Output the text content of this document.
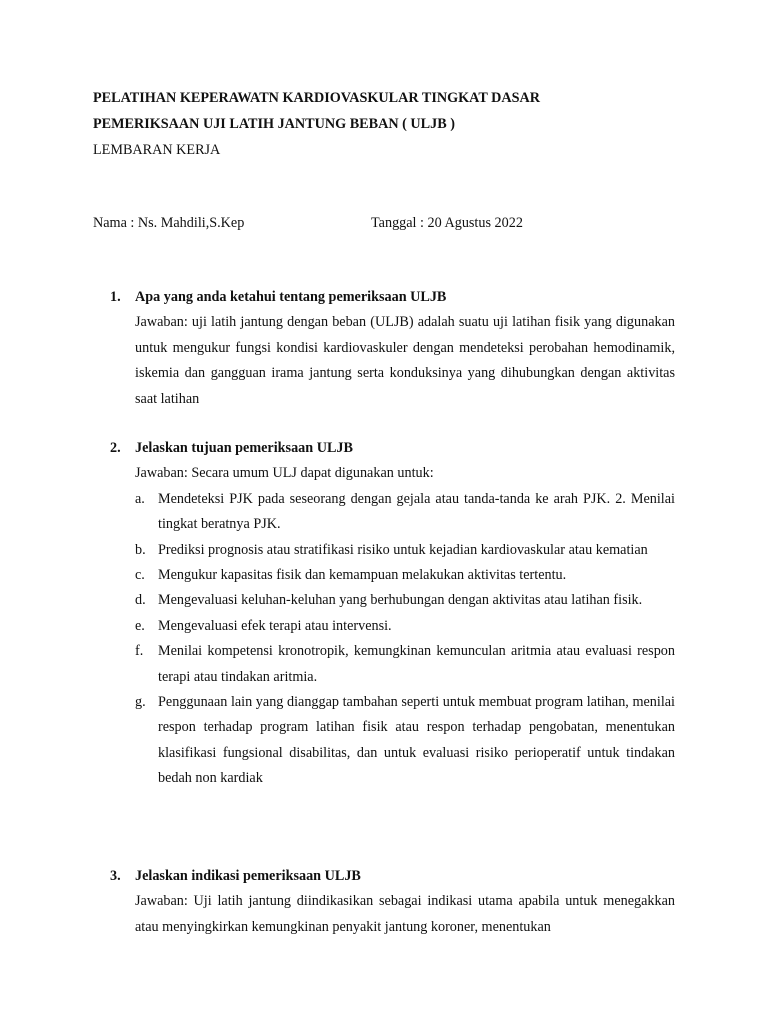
PELATIHAN KEPERAWATN KARDIOVASKULAR TINGKAT DASAR
PEMERIKSAAN UJI LATIH JANTUNG BEBAN ( ULJB )
LEMBARAN KERJA
Nama : Ns. Mahdili,S.Kep	Tanggal : 20 Agustus 2022
1.	Apa yang anda ketahui tentang pemeriksaan ULJB
Jawaban: uji latih jantung dengan beban (ULJB) adalah suatu uji latihan fisik yang digunakan untuk mengukur fungsi kondisi kardiovaskuler dengan mendeteksi perobahan hemodinamik, iskemia dan gangguan irama jantung serta konduksinya yang dihubungkan dengan aktivitas saat latihan
2.	Jelaskan tujuan pemeriksaan ULJB
Jawaban: Secara umum ULJ dapat digunakan untuk:
a. Mendeteksi PJK pada seseorang dengan gejala atau tanda-tanda ke arah PJK. 2. Menilai tingkat beratnya PJK.
b. Prediksi prognosis atau stratifikasi risiko untuk kejadian kardiovaskular atau kematian
c. Mengukur kapasitas fisik dan kemampuan melakukan aktivitas tertentu.
d. Mengevaluasi keluhan-keluhan yang berhubungan dengan aktivitas atau latihan fisik.
e. Mengevaluasi efek terapi atau intervensi.
f.	Menilai kompetensi kronotropik, kemungkinan kemunculan aritmia atau evaluasi respon terapi atau tindakan aritmia.
g. Penggunaan lain yang dianggap tambahan seperti untuk membuat program latihan, menilai respon terhadap program latihan fisik atau respon terhadap pengobatan, menentukan klasifikasi fungsional disabilitas, dan untuk evaluasi risiko perioperatif untuk tindakan bedah non kardiak
3.	Jelaskan indikasi pemeriksaan ULJB
Jawaban: Uji latih jantung diindikasikan sebagai indikasi utama apabila untuk menegakkan atau menyingkirkan kemungkinan penyakit jantung koroner, menentukan
